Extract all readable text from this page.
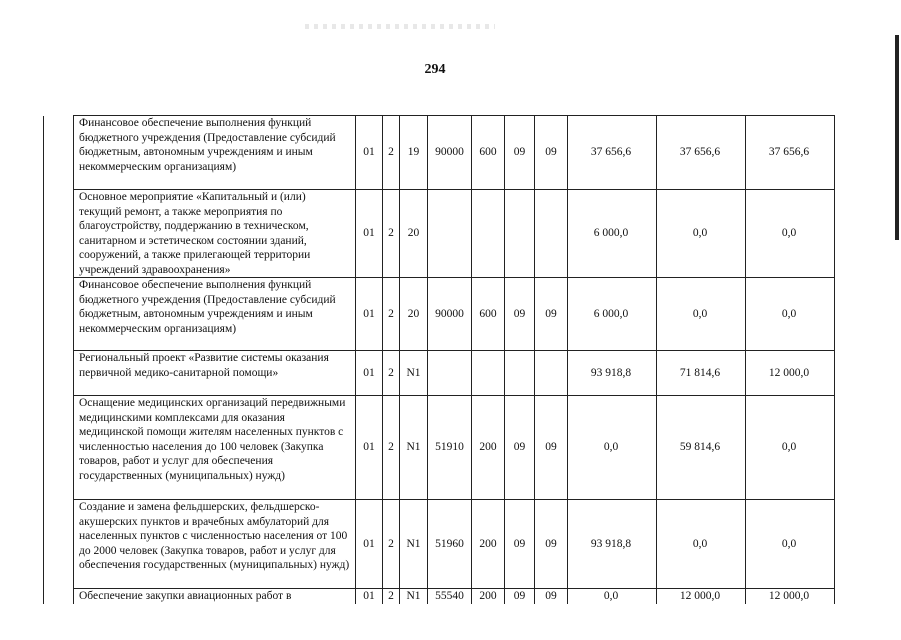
294
	Финансовое обеспечение выполнения функций бюджетного учреждения (Предоставление субсидий бюджетным, автономным учреждениям и иным некоммерческим организациям)	01	2	19	90000	600	09	09	37 656,6	37 656,6	37 656,6
	Основное мероприятие «Капитальный и (или) текущий ремонт, а также мероприятия по благоустройству, поддержанию в техническом, санитарном и эстетическом состоянии зданий, сооружений, а также прилегающей территории учреждений здравоохранения»	01	2	20					6 000,0	0,0	0,0
	Финансовое обеспечение выполнения функций бюджетного учреждения (Предоставление субсидий бюджетным, автономным учреждениям и иным некоммерческим организациям)	01	2	20	90000	600	09	09	6 000,0	0,0	0,0
	Региональный проект «Развитие системы оказания первичной медико-санитарной помощи»	01	2	N1					93 918,8	71 814,6	12 000,0
	Оснащение медицинских организаций передвижными медицинскими комплексами для оказания медицинской помощи жителям населенных пунктов с численностью населения до 100 человек (Закупка товаров, работ и услуг для обеспечения государственных (муниципальных) нужд)	01	2	N1	51910	200	09	09	0,0	59 814,6	0,0
	Создание и замена фельдшерских, фельдшерско-акушерских пунктов и врачебных амбулаторий для населенных пунктов с численностью населения от 100 до 2000 человек (Закупка товаров, работ и услуг для обеспечения государственных (муниципальных) нужд)	01	2	N1	51960	200	09	09	93 918,8	0,0	0,0
	Обеспечение закупки авиационных работ в	01	2	N1	55540	200	09	09	0,0	12 000,0	12 000,0
